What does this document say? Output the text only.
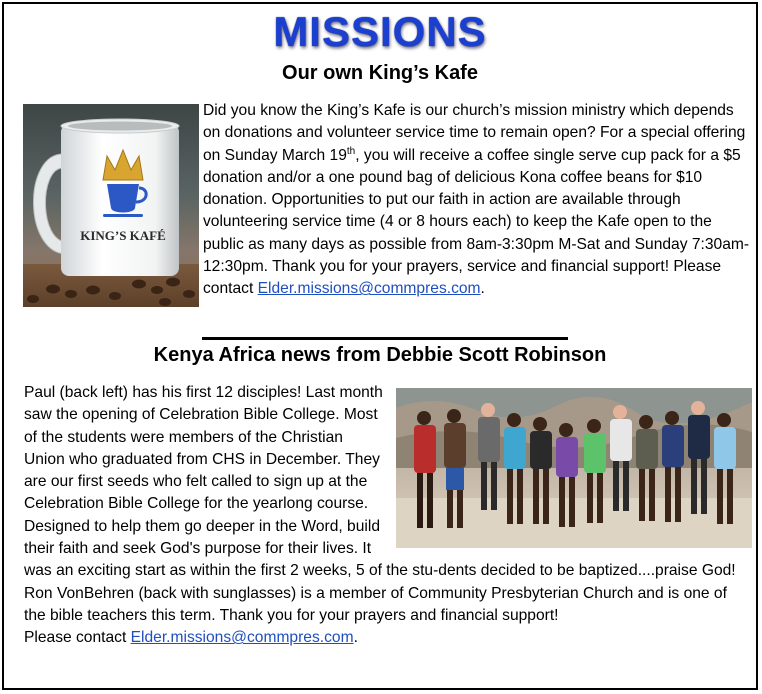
MISSIONS
Our own King’s Kafe
KING’S KAFÉ
Did you know the King’s Kafe is our church’s mission ministry which depends on donations and volunteer service time to remain open? For a special offering on Sunday March 19th, you will receive a coffee single serve cup pack for a $5 donation and/or a one pound bag of delicious Kona coffee beans for $10 donation. Opportunities to put our faith in action are available through volunteering service time (4 or 8 hours each) to keep the Kafe open to the public as many days as possible from 8am-3:30pm M-Sat and Sunday 7:30am-12:30pm. Thank you for your prayers, service and financial support! Please contact Elder.missions@commpres.com.
Kenya Africa news from Debbie Scott Robinson
Paul (back left) has his first 12 disciples! Last month saw the opening of Celebration Bible College. Most of the students were members of the Christian Union who graduated from CHS in December. They are our first seeds who felt called to sign up at the Celebration Bible College for the yearlong course. Designed to help them go deeper in the Word, build their faith and seek God's purpose for their lives. It was an exciting start as within the first 2 weeks, 5 of the stu-dents decided to be baptized....praise God! Ron VonBehren (back with sunglasses) is a member of Community Presbyterian Church and is one of the bible teachers this term. Thank you for your prayers and financial support!
Please contact Elder.missions@commpres.com.
